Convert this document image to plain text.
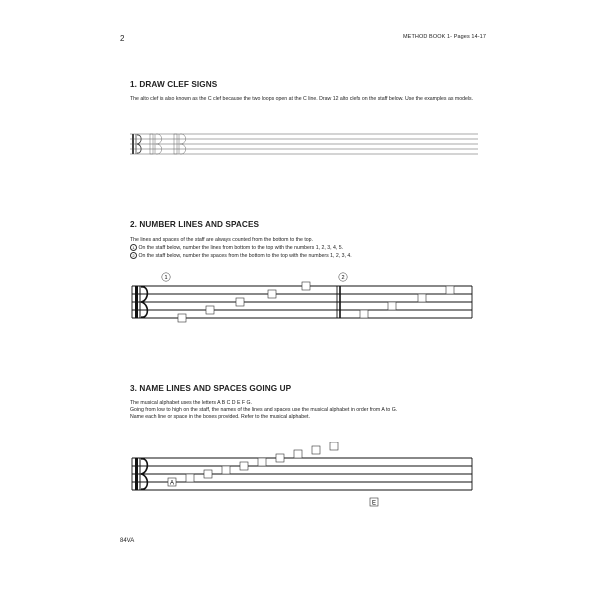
2	METHOD BOOK 1- Pages 14-17
1. DRAW CLEF SIGNS
The alto clef is also known as the C clef because the two loops open at the C line. Draw 12 alto clefs on the staff below. Use the examples as models.
2. NUMBER LINES AND SPACES
The lines and spaces of the staff are always counted from the bottom to the top.
1 On the staff below, number the lines from bottom to the top with the numbers 1, 2, 3, 4, 5.
2 On the staff below, number the spaces from the bottom to the top with the numbers 1, 2, 3, 4.
1	2
3. NAME LINES AND SPACES GOING UP
The musical alphabet uses the letters A B C D E F G.
Going from low to high on the staff, the names of the lines and spaces use the musical alphabet in order from A to G.
Name each line or space in the boxes provided. Refer to the musical alphabet.
A
E
84VA
